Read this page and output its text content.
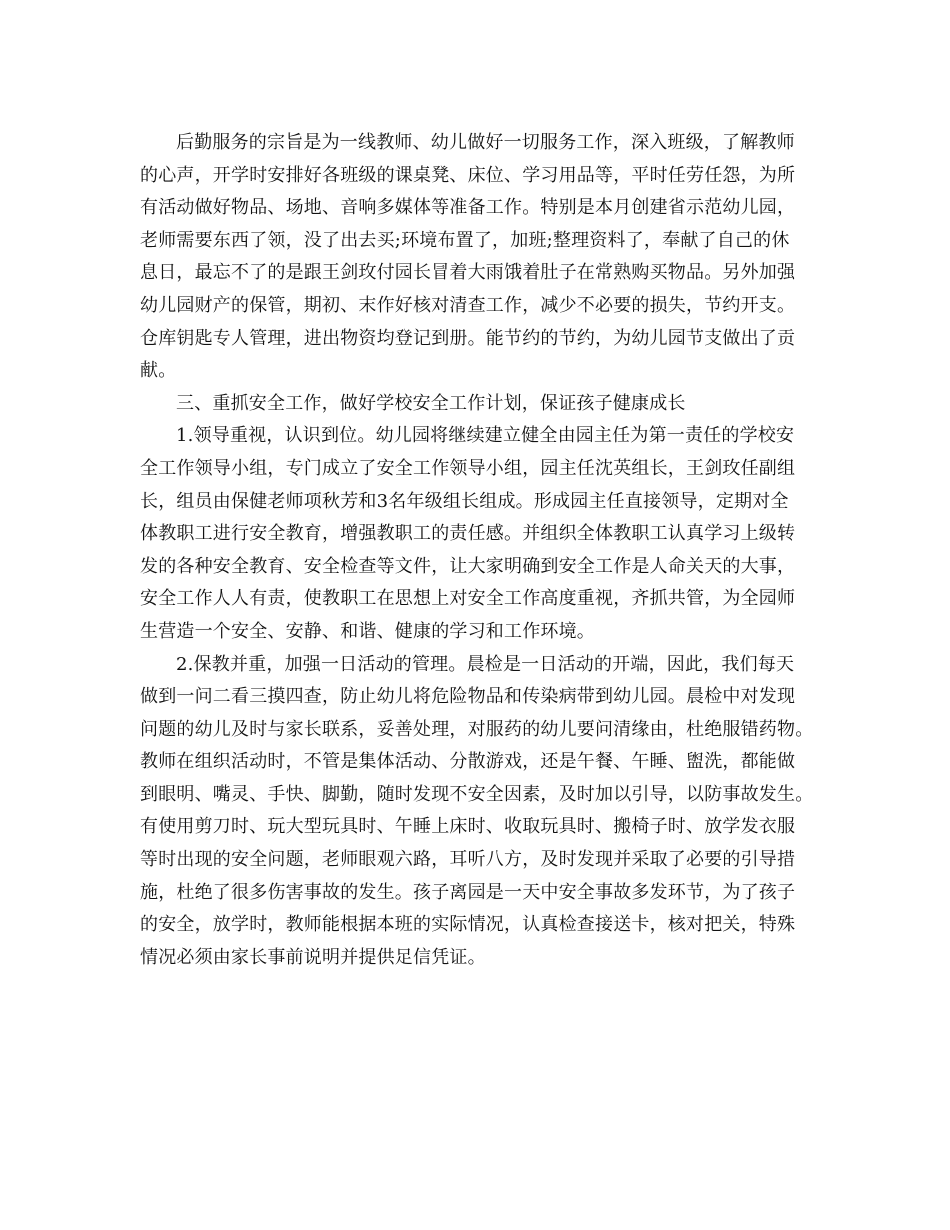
后勤服务的宗旨是为一线教师、幼儿做好一切服务工作，深入班级，了解教师
的心声，开学时安排好各班级的课桌凳、床位、学习用品等，平时任劳任怨，为所
有活动做好物品、场地、音响多媒体等准备工作。特别是本月创建省示范幼儿园，
老师需要东西了领，没了出去买;环境布置了，加班;整理资料了，奉献了自己的休
息日，最忘不了的是跟王剑玫付园长冒着大雨饿着肚子在常熟购买物品。另外加强
幼儿园财产的保管，期初、末作好核对清查工作，减少不必要的损失，节约开支。
仓库钥匙专人管理，进出物资均登记到册。能节约的节约，为幼儿园节支做出了贡
献。
三、重抓安全工作，做好学校安全工作计划，保证孩子健康成长
1.领导重视，认识到位。幼儿园将继续建立健全由园主任为第一责任的学校安
全工作领导小组，专门成立了安全工作领导小组，园主任沈英组长，王剑玫任副组
长，组员由保健老师项秋芳和3名年级组长组成。形成园主任直接领导，定期对全
体教职工进行安全教育，增强教职工的责任感。并组织全体教职工认真学习上级转
发的各种安全教育、安全检查等文件，让大家明确到安全工作是人命关天的大事，
安全工作人人有责，使教职工在思想上对安全工作高度重视，齐抓共管，为全园师
生营造一个安全、安静、和谐、健康的学习和工作环境。
2.保教并重，加强一日活动的管理。晨检是一日活动的开端，因此，我们每天
做到一问二看三摸四查，防止幼儿将危险物品和传染病带到幼儿园。晨检中对发现
问题的幼儿及时与家长联系，妥善处理，对服药的幼儿要问清缘由，杜绝服错药物。
教师在组织活动时，不管是集体活动、分散游戏，还是午餐、午睡、盥洗，都能做
到眼明、嘴灵、手快、脚勤，随时发现不安全因素，及时加以引导，以防事故发生。
有使用剪刀时、玩大型玩具时、午睡上床时、收取玩具时、搬椅子时、放学发衣服
等时出现的安全问题，老师眼观六路，耳听八方，及时发现并采取了必要的引导措
施，杜绝了很多伤害事故的发生。孩子离园是一天中安全事故多发环节，为了孩子
的安全，放学时，教师能根据本班的实际情况，认真检查接送卡，核对把关，特殊
情况必须由家长事前说明并提供足信凭证。
